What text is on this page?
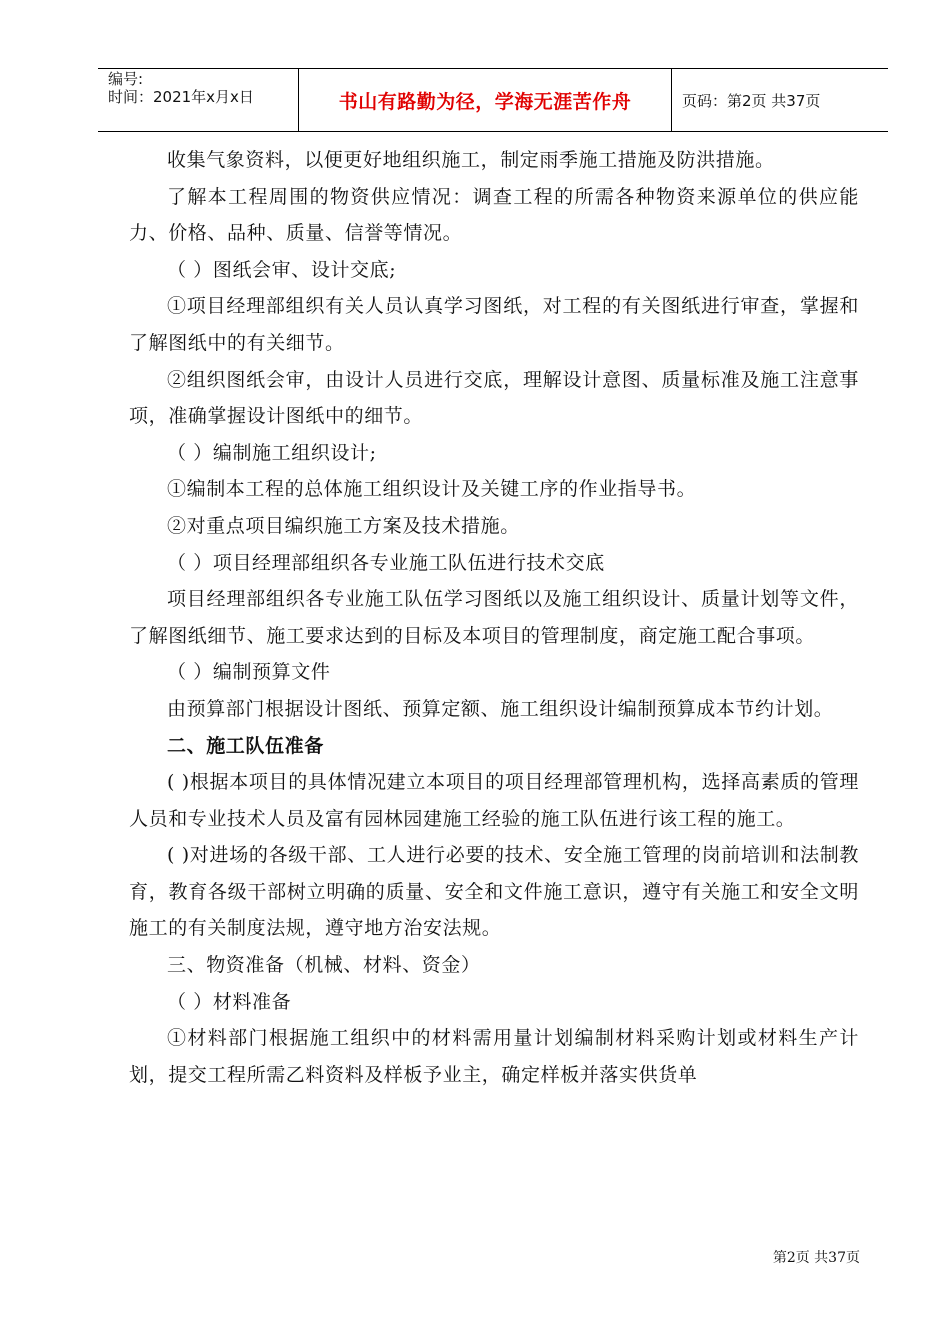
编号:
时间：2021年x月x日	书山有路勤为径，学海无涯苦作舟	页码：第2页 共37页

收集气象资料，以便更好地组织施工，制定雨季施工措施及防洪措施。

了解本工程周围的物资供应情况：调查工程的所需各种物资来源单位的供应能力、价格、品种、质量、信誉等情况。

（ ）图纸会审、设计交底;

①项目经理部组织有关人员认真学习图纸，对工程的有关图纸进行审查，掌握和了解图纸中的有关细节。

②组织图纸会审，由设计人员进行交底，理解设计意图、质量标准及施工注意事项，准确掌握设计图纸中的细节。

（ ）编制施工组织设计;

①编制本工程的总体施工组织设计及关键工序的作业指导书。

②对重点项目编织施工方案及技术措施。

（ ）项目经理部组织各专业施工队伍进行技术交底

项目经理部组织各专业施工队伍学习图纸以及施工组织设计、质量计划等文件，了解图纸细节、施工要求达到的目标及本项目的管理制度，商定施工配合事项。

（ ）编制预算文件

由预算部门根据设计图纸、预算定额、施工组织设计编制预算成本节约计划。

二、施工队伍准备

( )根据本项目的具体情况建立本项目的项目经理部管理机构，选择高素质的管理人员和专业技术人员及富有园林园建施工经验的施工队伍进行该工程的施工。

( )对进场的各级干部、工人进行必要的技术、安全施工管理的岗前培训和法制教育，教育各级干部树立明确的质量、安全和文件施工意识，遵守有关施工和安全文明施工的有关制度法规，遵守地方治安法规。

三、物资准备（机械、材料、资金）

（ ）材料准备

①材料部门根据施工组织中的材料需用量计划编制材料采购计划或材料生产计划，提交工程所需乙料资料及样板予业主，确定样板并落实供货单

第2页 共37页
